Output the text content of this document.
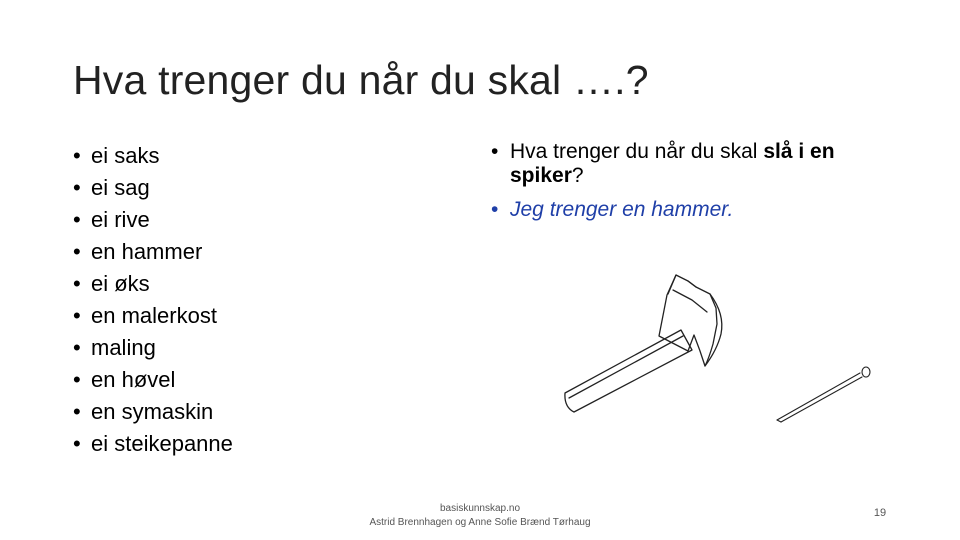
Hva trenger du når du skal ….?
• ei saks
• ei sag
• ei rive
• en hammer
• ei øks
• en malerkost
• maling
• en høvel
• en symaskin
• ei steikepanne
• Hva trenger du når du skal slå i en spiker?
• Jeg trenger en hammer.
basiskunnskap.no
Astrid Brennhagen og Anne Sofie Brænd Tørhaug
19
